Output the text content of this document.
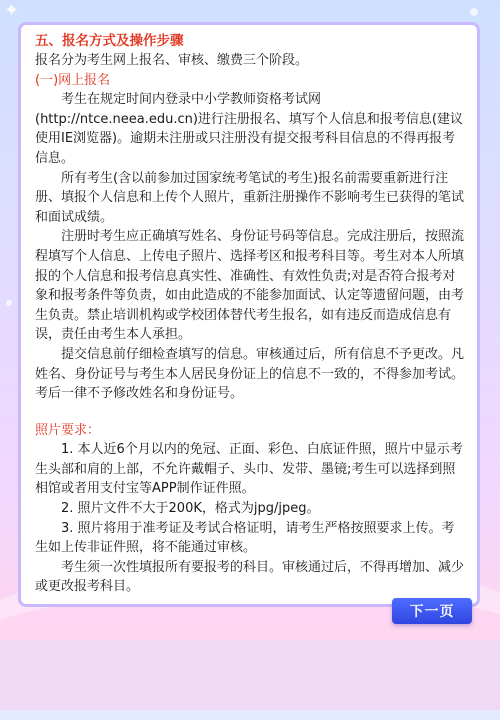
✦

五、报名方式及操作步骤

报名分为考生网上报名、审核、缴费三个阶段。

(一)网上报名

考生在规定时间内登录中小学教师资格考试网(http://ntce.neea.edu.cn)进行注册报名、填写个人信息和报考信息(建议使用IE浏览器)。逾期未注册或只注册没有提交报考科目信息的不得再报考信息。

所有考生(含以前参加过国家统考笔试的考生)报名前需要重新进行注册、填报个人信息和上传个人照片，重新注册操作不影响考生已获得的笔试和面试成绩。

注册时考生应正确填写姓名、身份证号码等信息。完成注册后，按照流程填写个人信息、上传电子照片、选择考区和报考科目等。考生对本人所填报的个人信息和报考信息真实性、准确性、有效性负责;对是否符合报考对象和报考条件等负责，如由此造成的不能参加面试、认定等遗留问题，由考生负责。禁止培训机构或学校团体替代考生报名，如有违反而造成信息有误，责任由考生本人承担。

提交信息前仔细检查填写的信息。审核通过后，所有信息不予更改。凡姓名、身份证号与考生本人居民身份证上的信息不一致的，不得参加考试。考后一律不予修改姓名和身份证号。

照片要求：

1. 本人近6个月以内的免冠、正面、彩色、白底证件照，照片中显示考生头部和肩的上部，不允许戴帽子、头巾、发带、墨镜;考生可以选择到照相馆或者用支付宝等APP制作证件照。

2. 照片文件不大于200K，格式为jpg/jpeg。

3. 照片将用于准考证及考试合格证明，请考生严格按照要求上传。考生如上传非证件照，将不能通过审核。

考生须一次性填报所有要报考的科目。审核通过后，不得再增加、减少或更改报考科目。

下一页
